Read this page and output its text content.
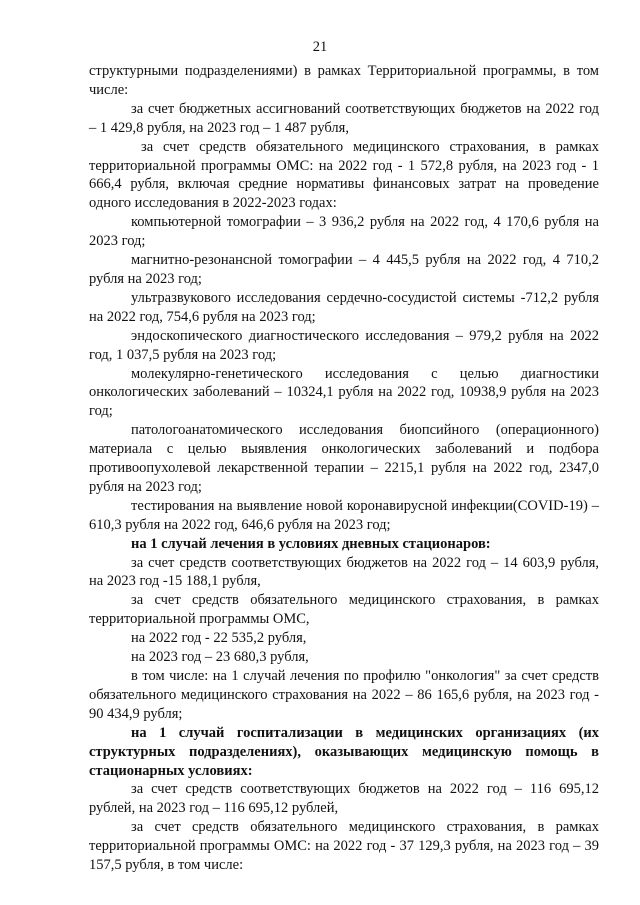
21

структурными подразделениями) в рамках Территориальной программы, в том числе:

за счет бюджетных ассигнований соответствующих бюджетов на 2022 год – 1 429,8 рубля, на 2023 год – 1 487 рубля,

за счет средств обязательного медицинского страхования, в рамках территориальной программы ОМС: на 2022 год - 1 572,8 рубля, на 2023 год - 1 666,4 рубля, включая средние нормативы финансовых затрат на проведение одного исследования в 2022-2023 годах:

компьютерной томографии – 3 936,2 рубля на 2022 год, 4 170,6 рубля на 2023 год;

магнитно-резонансной томографии – 4 445,5 рубля на 2022 год, 4 710,2 рубля на 2023 год;

ультразвукового исследования сердечно-сосудистой системы -712,2 рубля на 2022 год, 754,6 рубля на 2023 год;

эндоскопического диагностического исследования – 979,2 рубля на 2022 год, 1 037,5 рубля на 2023 год;

молекулярно-генетического исследования с целью диагностики онкологических заболеваний – 10324,1 рубля на 2022 год, 10938,9 рубля на 2023 год;

патологоанатомического исследования биопсийного (операционного) материала с целью выявления онкологических заболеваний и подбора противоопухолевой лекарственной терапии – 2215,1 рубля на 2022 год, 2347,0 рубля на 2023 год;

тестирования на выявление новой коронавирусной инфекции(COVID-19) – 610,3 рубля на 2022 год, 646,6 рубля на 2023 год;

на 1 случай лечения в условиях дневных стационаров:

за счет средств соответствующих бюджетов на 2022 год – 14 603,9 рубля, на 2023 год -15 188,1 рубля,

за счет средств обязательного медицинского страхования, в рамках территориальной программы ОМС,

на 2022 год - 22 535,2 рубля,

на 2023 год – 23 680,3 рубля,

в том числе: на 1 случай лечения по профилю "онкология" за счет средств обязательного медицинского страхования на 2022 – 86 165,6 рубля, на 2023 год - 90 434,9 рубля;

на 1 случай госпитализации в медицинских организациях (их структурных подразделениях), оказывающих медицинскую помощь в стационарных условиях:

за счет средств соответствующих бюджетов на 2022 год – 116 695,12 рублей, на 2023 год – 116 695,12 рублей,

за счет средств обязательного медицинского страхования, в рамках территориальной программы ОМС: на 2022 год - 37 129,3 рубля, на 2023 год – 39 157,5 рубля, в том числе:
